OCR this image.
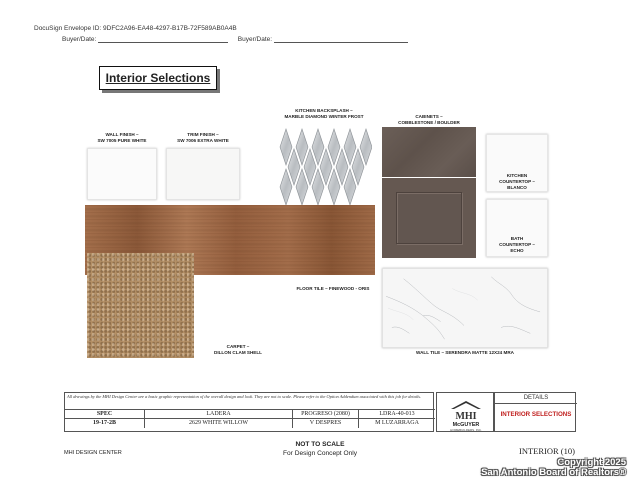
DocuSign Envelope ID: 9DFC2A96-EA48-4297-B17B-72F589AB0A4B
Buyer/Date:	Buyer/Date:
Interior Selections
WALL FINISH –
SW 7005 PURE WHITE
TRIM FINISH –
SW 7006 EXTRA WHITE
KITCHEN BACKSPLASH –
MARBLE DIAMOND WINTER FROST	CABINETS –
COBBLESTONE / BOULDER
KITCHEN
COUNTERTOP –
BLANCO
BATH
COUNTERTOP –
ECHO
FLOOR TILE – FINEWOOD - ORIS
CARPET –
DILLON CLAM SHELL	WALL TILE – SERENDRA MATTE 12X24 MRA
All drawings by the MHI Design Center are a basic graphic representation of the overall design and look. They are not to scale. Please refer to the Option Addendum associated with this job for details.
SPEC	LADERA	PROGRESO (2080)	LDRA-40-013
19-17-2B	2629 WHITE WILLOW	V DESPRES	M LUZARRAGA
MHI
McGUYER
HOMEBUILDERS, INC.
DETAILS
INTERIOR SELECTIONS
NOT TO SCALE
For Design Concept Only
MHI DESIGN CENTER	INTERIOR (10)
Copyright 2025
San Antonio Board of Realtors®
